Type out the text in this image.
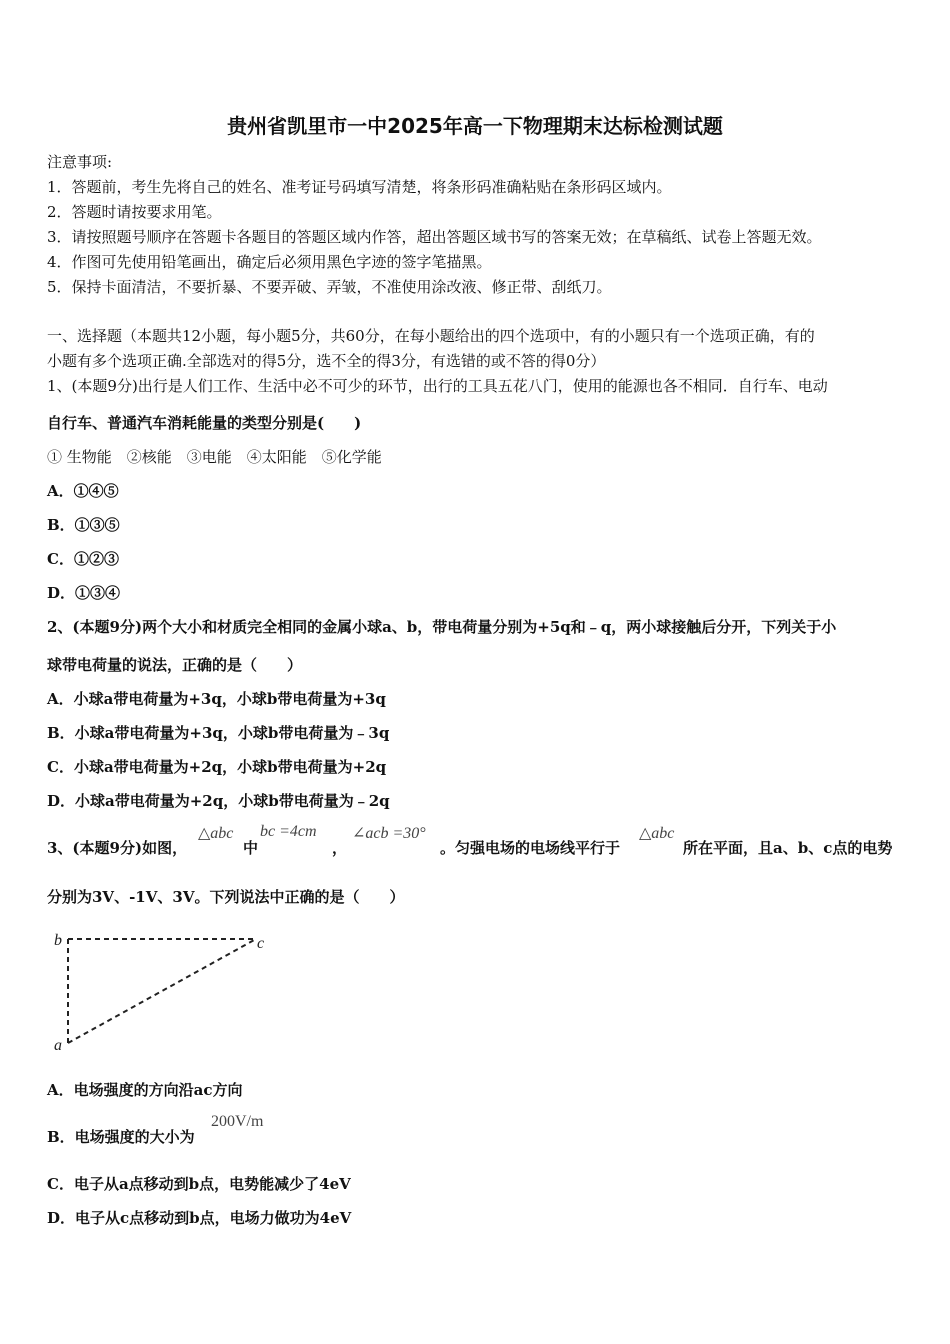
贵州省凯里市一中2025年高一下物理期末达标检测试题
注意事项:
1．答题前，考生先将自己的姓名、准考证号码填写清楚，将条形码准确粘贴在条形码区域内。
2．答题时请按要求用笔。
3．请按照题号顺序在答题卡各题目的答题区域内作答，超出答题区域书写的答案无效；在草稿纸、试卷上答题无效。
4．作图可先使用铅笔画出，确定后必须用黑色字迹的签字笔描黑。
5．保持卡面清洁，不要折暴、不要弄破、弄皱，不准使用涂改液、修正带、刮纸刀。
一、选择题（本题共12小题，每小题5分，共60分，在每小题给出的四个选项中，有的小题只有一个选项正确，有的
小题有多个选项正确.全部选对的得5分，选不全的得3分，有选错的或不答的得0分）
1、(本题9分)出行是人们工作、生活中必不可少的环节，出行的工具五花八门，使用的能源也各不相同．自行车、电动
自行车、普通汽车消耗能量的类型分别是(　　)
① 生物能　②核能　③电能　④太阳能　⑤化学能
A．①④⑤
B．①③⑤
C．①②③
D．①③④
2、(本题9分)两个大小和材质完全相同的金属小球a、b，带电荷量分别为+5q和﹣q，两小球接触后分开，下列关于小
球带电荷量的说法，正确的是（　　）
A．小球a带电荷量为+3q，小球b带电荷量为+3q
B．小球a带电荷量为+3q，小球b带电荷量为﹣3q
C．小球a带电荷量为+2q，小球b带电荷量为+2q
D．小球a带电荷量为+2q，小球b带电荷量为﹣2q
3、(本题9分)如图，
△abc
中
bc =4cm
，
∠acb =30°
。匀强电场的电场线平行于
△abc
所在平面，且a、b、c点的电势
分别为3V、-1V、3V。下列说法中正确的是（　　）
b	c
a
A．电场强度的方向沿ac方向
B．电场强度的大小为
200V/m
C．电子从a点移动到b点，电势能减少了4eV
D．电子从c点移动到b点，电场力做功为4eV
